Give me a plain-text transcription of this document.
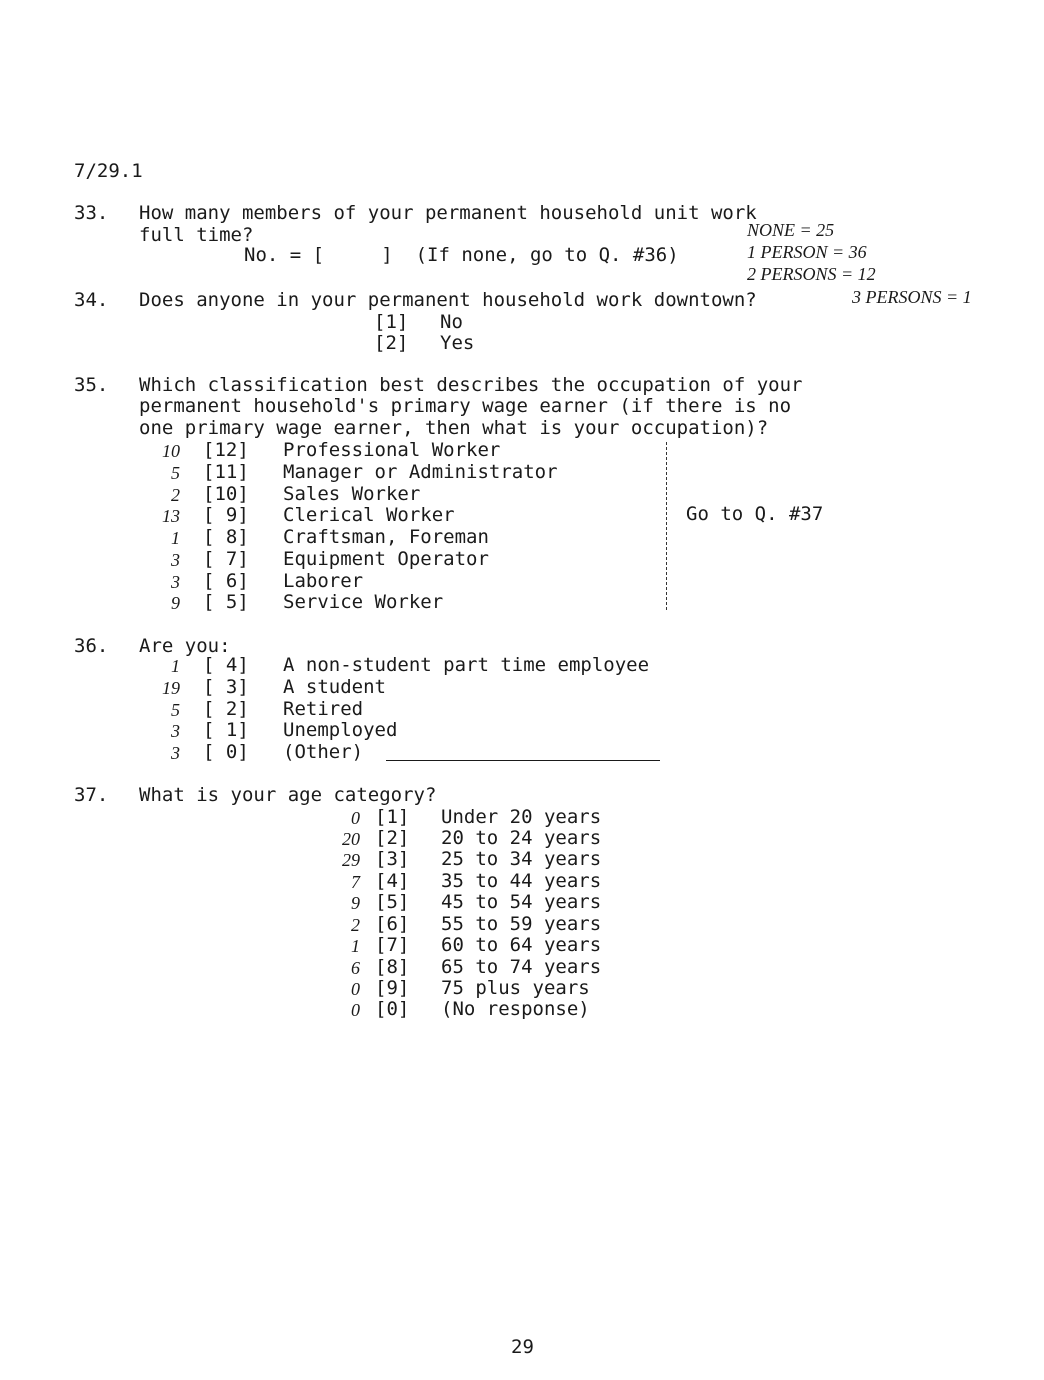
7/29.1
33. How many members of your permanent household unit work
full time?
No. = [     ]  (If none, go to Q. #36)
NONE = 25
1 PERSON = 36
2 PERSONS = 12
3 PERSONS = 1
34. Does anyone in your permanent household work downtown?
[1] No
[2] Yes
35. Which classification best describes the occupation of your
permanent household's primary wage earner (if there is no
one primary wage earner, then what is your occupation)?
10 [12] Professional Worker
5 [11] Manager or Administrator
2 [10] Sales Worker
13 [ 9] Clerical Worker
1 [ 8] Craftsman, Foreman
3 [ 7] Equipment Operator
3 [ 6] Laborer
9 [ 5] Service Worker
Go to Q. #37
36. Are you:
1 [ 4] A non-student part time employee
19 [ 3] A student
5 [ 2] Retired
3 [ 1] Unemployed
3 [ 0] (Other)
37. What is your age category?
0 [1] Under 20 years
20 [2] 20 to 24 years
29 [3] 25 to 34 years
7 [4] 35 to 44 years
9 [5] 45 to 54 years
2 [6] 55 to 59 years
1 [7] 60 to 64 years
6 [8] 65 to 74 years
0 [9] 75 plus years
0 [0] (No response)
29
